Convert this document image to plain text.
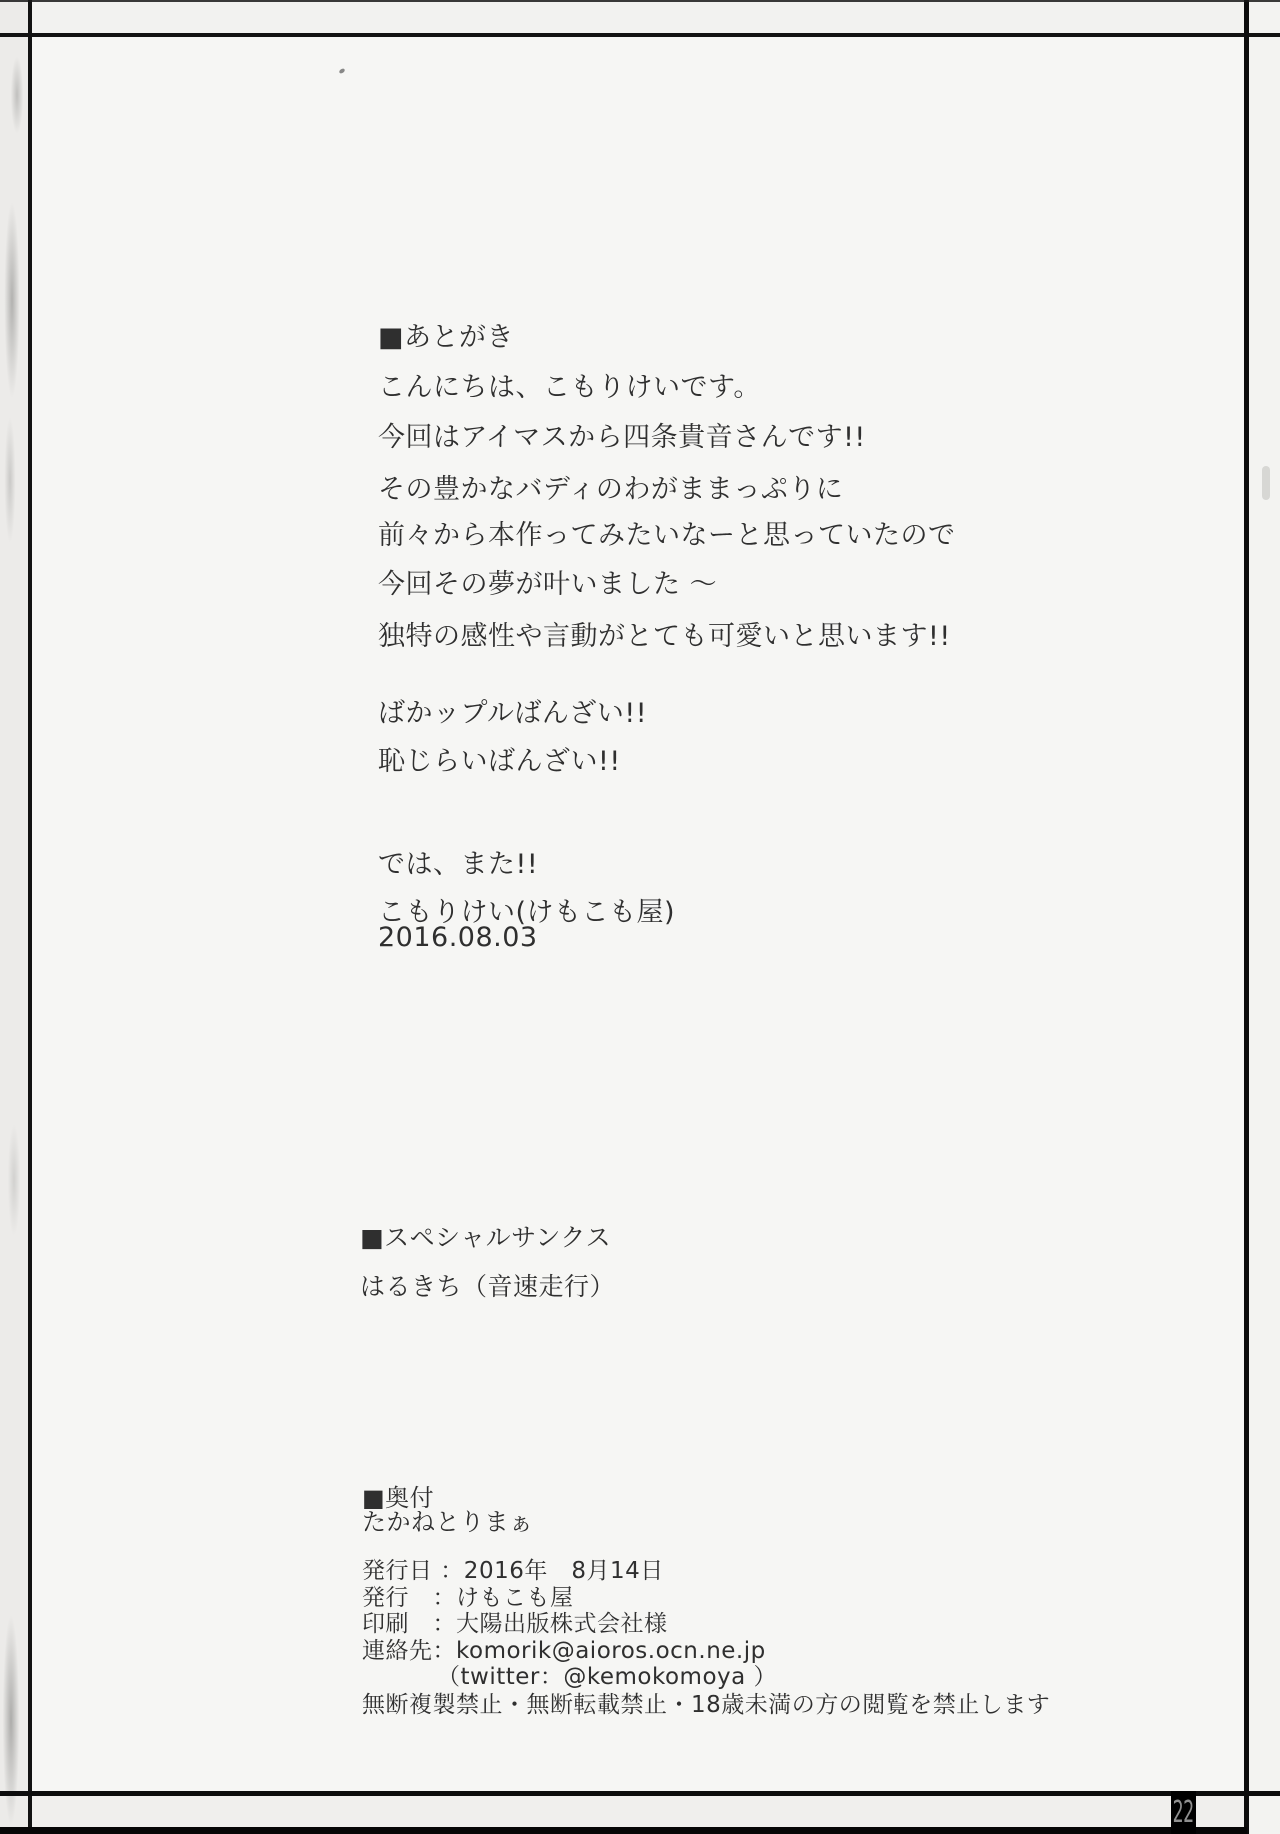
■あとがき
こんにちは、こもりけいです。
今回はアイマスから四条貴音さんです!!
その豊かなバディのわがままっぷりに
前々から本作ってみたいなーと思っていたので
今回その夢が叶いました ～
独特の感性や言動がとても可愛いと思います!!
ばかップルばんざい!!
恥じらいばんざい!!
では、また!!
こもりけい(けもこも屋)
2016.08.03
■スペシャルサンクス
はるきち（音速走行）
■奥付
たかねとりまぁ
発行日 ：2016年　8月14日
発行　：けもこも屋
印刷　：大陽出版株式会社様
連絡先：komorik@aioros.ocn.ne.jp
（twitter：@kemokomoya ）
無断複製禁止・無断転載禁止・18歳未満の方の閲覧を禁止します
22
